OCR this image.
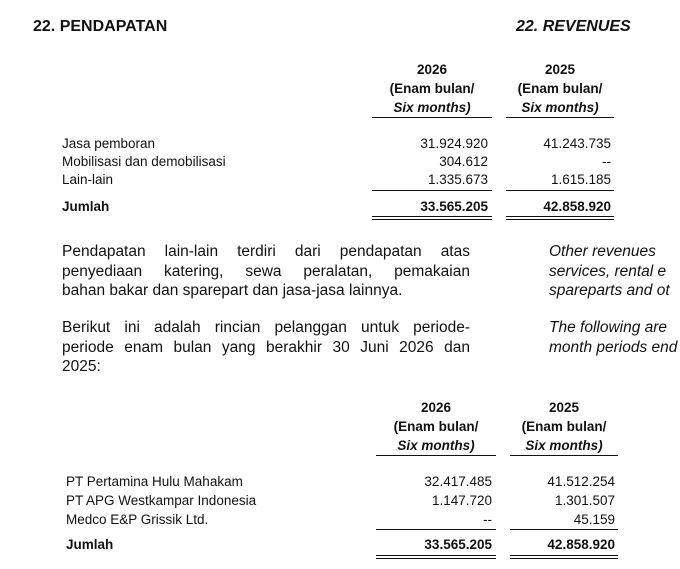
22. PENDAPATAN	22. REVENUES
2026
(Enam bulan/
Six months)
2025
(Enam bulan/
Six months)
Jasa pemboran	31.924.920	41.243.735
Mobilisasi dan demobilisasi	304.612	--
Lain-lain	1.335.673	1.615.185
Jumlah	33.565.205	42.858.920
Pendapatan lain-lain terdiri dari pendapatan atas
penyediaan katering, sewa peralatan, pemakaian
bahan bakar dan sparepart dan jasa-jasa lainnya.
Other revenues
services, rental e
spareparts and ot
Berikut ini adalah rincian pelanggan untuk periode-
periode enam bulan yang berakhir 30 Juni 2026 dan
2025:
The following are
month periods end
2026
(Enam bulan/
Six months)
2025
(Enam bulan/
Six months)
PT Pertamina Hulu Mahakam	32.417.485	41.512.254
PT APG Westkampar Indonesia	1.147.720	1.301.507
Medco E&P Grissik Ltd.	--	45.159
Jumlah	33.565.205	42.858.920
